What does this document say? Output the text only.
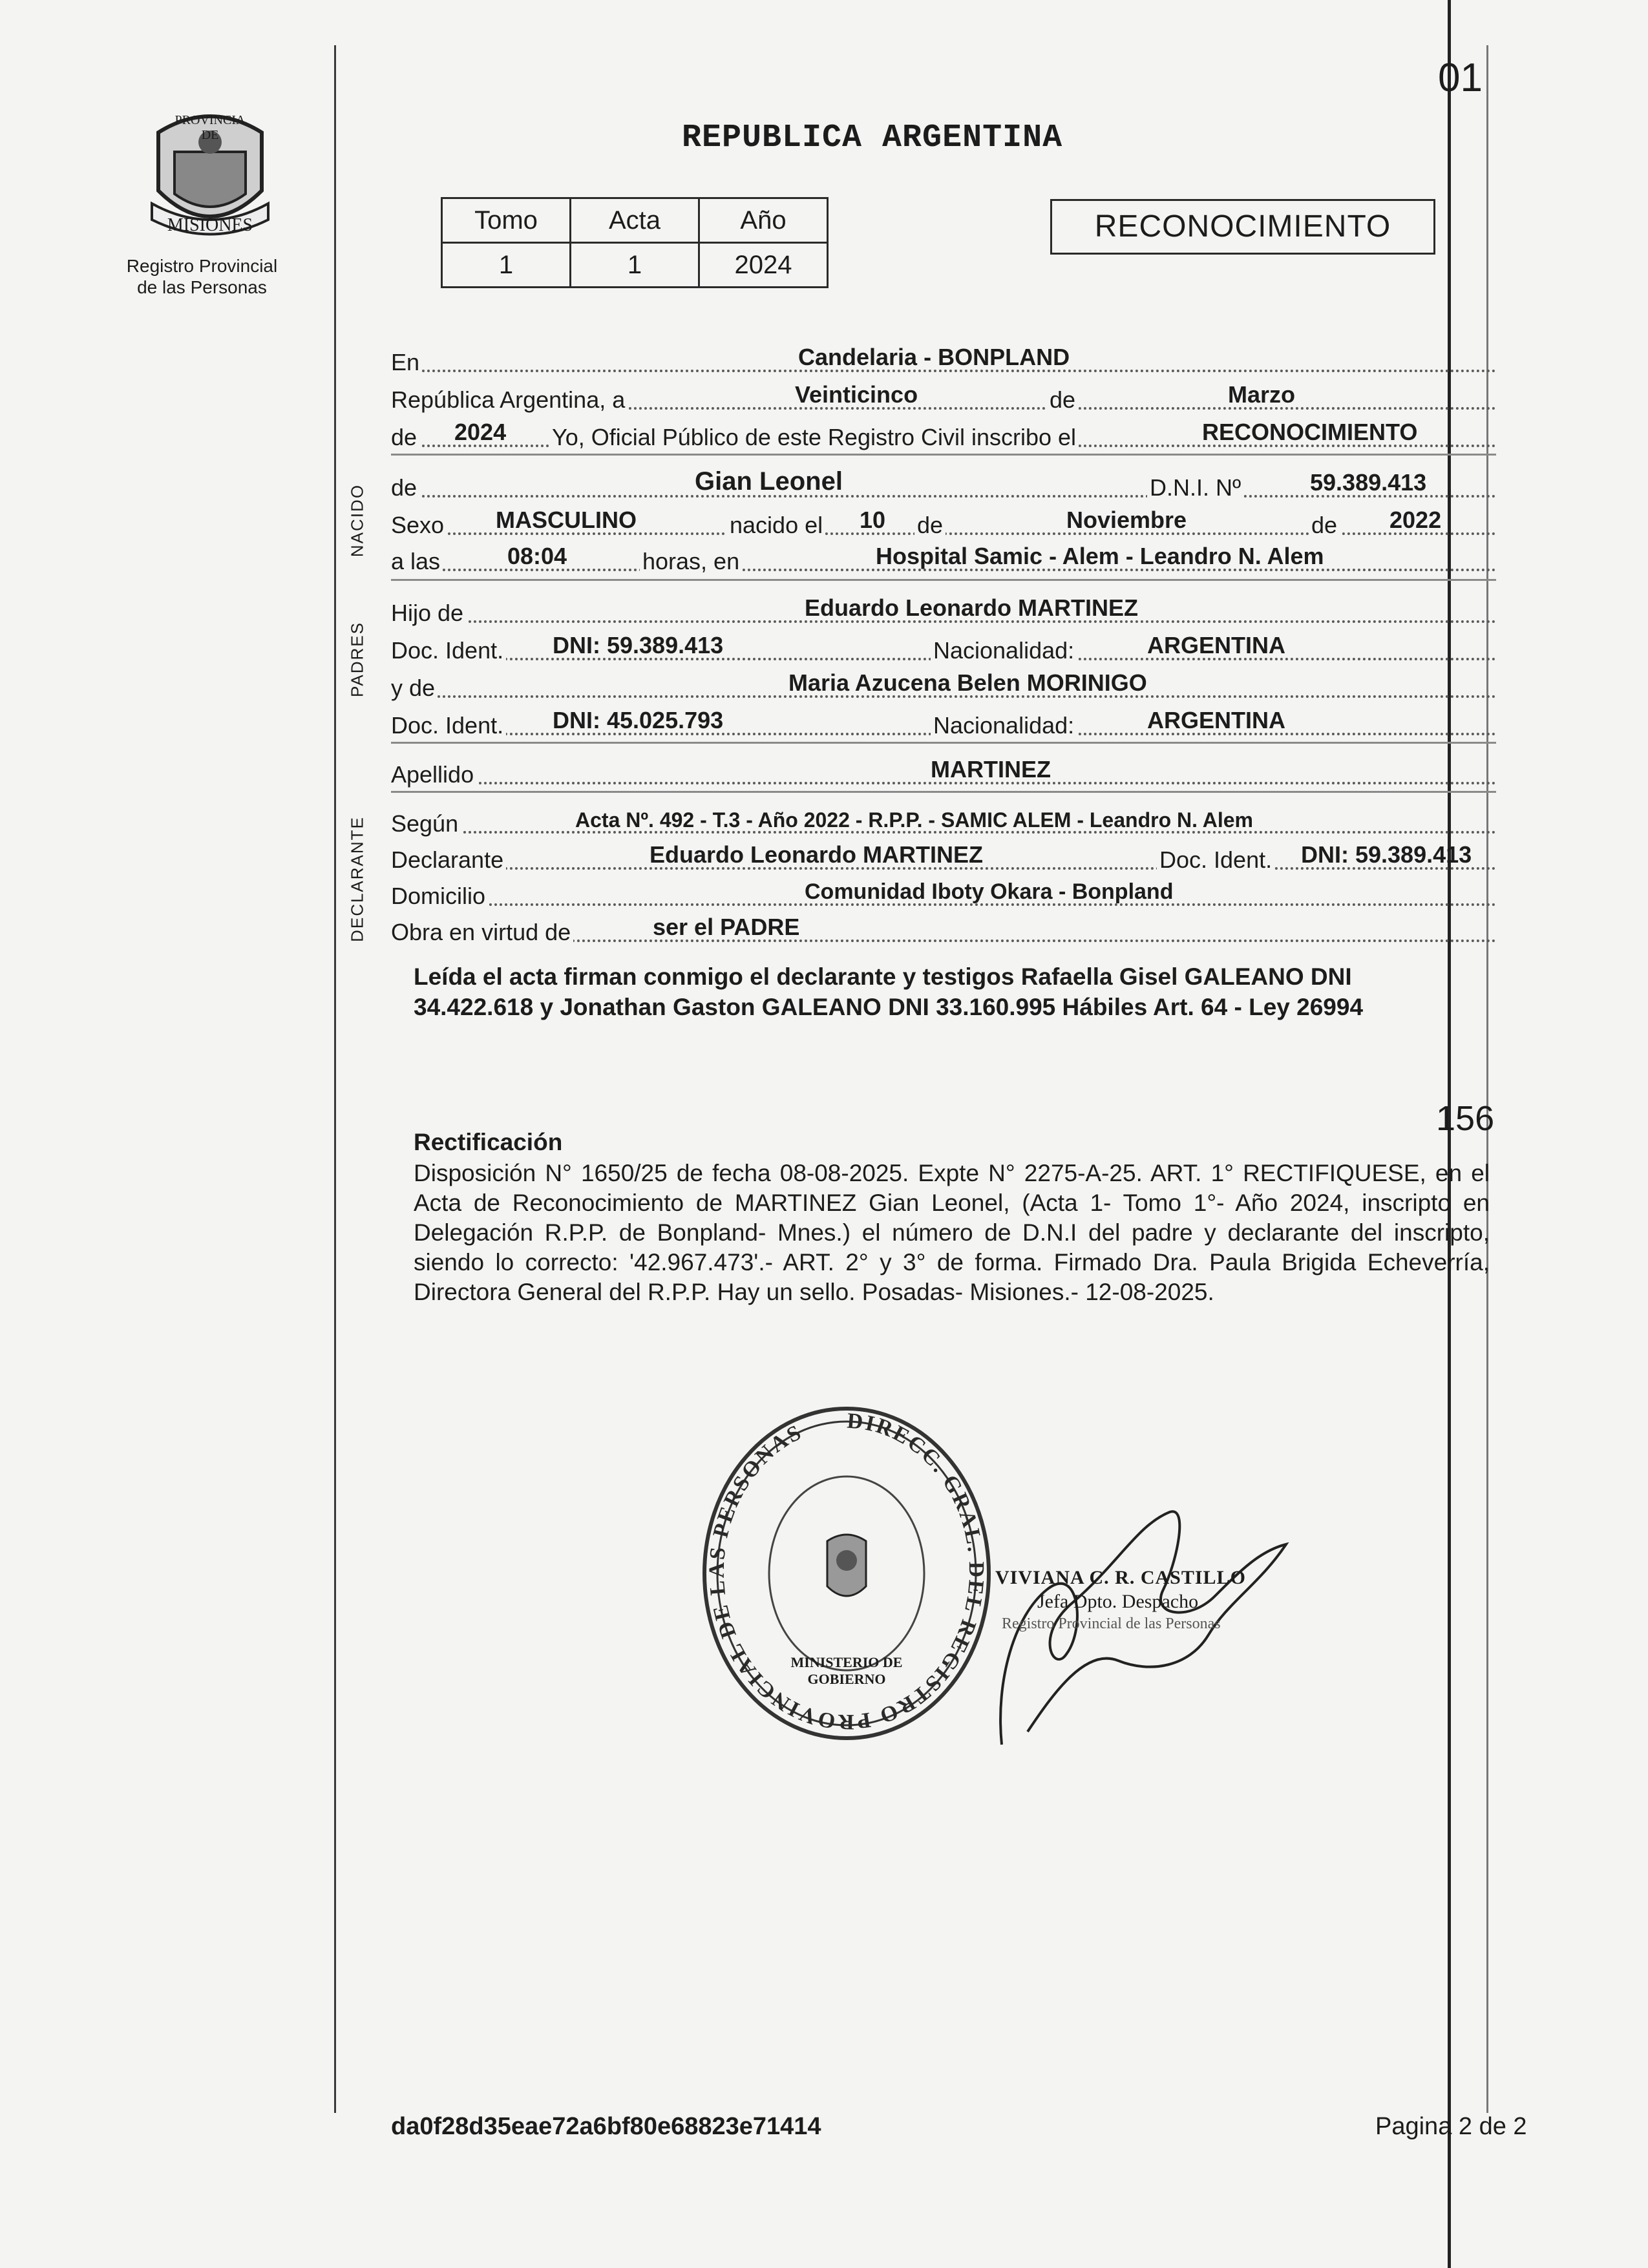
PROVINCIA DE
MISIONES
Registro Provincial
de las Personas
REPUBLICA ARGENTINA
01
Tomo	Acta	Año
1	1	2024
RECONOCIMIENTO
En	Candelaria - BONPLAND
República Argentina, a	Veinticinco	de	Marzo
de 2024 Yo, Oficial Público de este Registro Civil inscribo el	RECONOCIMIENTO
NACIDO de	Gian Leonel	D.N.I. Nº	59.389.413
Sexo MASCULINO	nacido el 10 de	Noviembre	de 2022
a las	08:04	horas, en	Hospital Samic - Alem - Leandro N. Alem
PADRES
Hijo de	Eduardo Leonardo MARTINEZ
Doc. Ident. DNI: 59.389.413	Nacionalidad:	ARGENTINA
y de	Maria Azucena Belen MORINIGO
Doc. Ident. DNI: 45.025.793	Nacionalidad:	ARGENTINA
Apellido	MARTINEZ
DECLARANTE Según	Acta Nº. 492 - T.3 - Año 2022 - R.P.P. - SAMIC ALEM - Leandro N. Alem
Declarante	Eduardo Leonardo MARTINEZ	Doc. Ident. DNI: 59.389.413
Domicilio	Comunidad Iboty Okara - Bonpland
Obra en virtud de	ser el PADRE
Leída el acta firman conmigo el declarante y testigos Rafaella Gisel GALEANO DNI 34.422.618 y Jonathan Gaston GALEANO DNI 33.160.995 Hábiles Art. 64 - Ley 26994
156
Rectificación
Disposición N° 1650/25 de fecha 08-08-2025. Expte N° 2275-A-25. ART. 1° RECTIFIQUESE, en el Acta de Reconocimiento de MARTINEZ Gian Leonel, (Acta 1- Tomo 1°- Año 2024, inscripto en Delegación R.P.P. de Bonpland- Mnes.) el número de D.N.I del padre y declarante del inscripto, siendo lo correcto: '42.967.473'.- ART. 2° y 3° de forma. Firmado Dra. Paula Brigida Echeverría, Directora General del R.P.P. Hay un sello. Posadas- Misiones.- 12-08-2025.
DIRECC. GRAL. DEL REGISTRO PROVINCIAL DE LAS PERSONAS
MINISTERIO DE GOBIERNO
VIVIANA C. R. CASTILLO
Jefa Dpto. Despacho
Registro Provincial de las Personas
da0f28d35eae72a6bf80e68823e71414	Pagina 2 de 2
